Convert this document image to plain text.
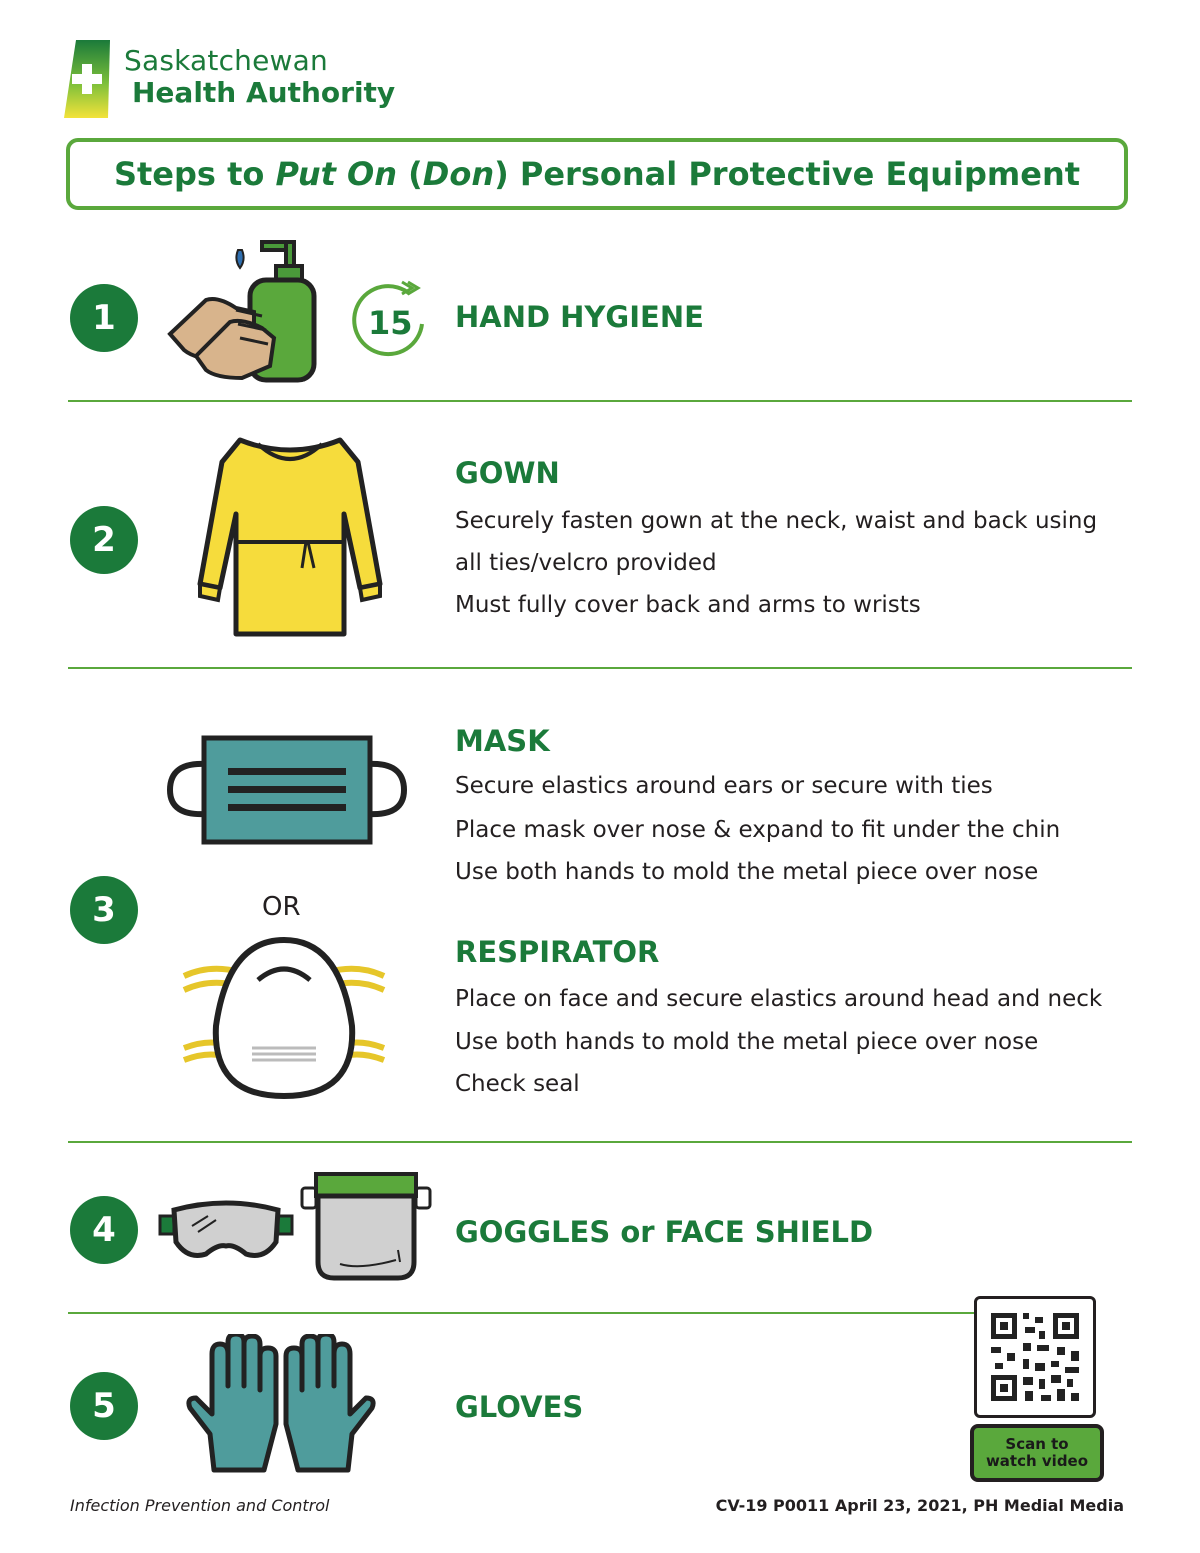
Saskatchewan
Health Authority
Steps to Put On (Don) Personal Protective Equipment
1	15 HAND HYGIENE
2
GOWN
Securely fasten gown at the neck, waist and back using
all ties/velcro provided
Must fully cover back and arms to wrists
3	OR
MASK
Secure elastics around ears or secure with ties
Place mask over nose & expand to fit under the chin
Use both hands to mold the metal piece over nose
RESPIRATOR
Place on face and secure elastics around head and neck
Use both hands to mold the metal piece over nose
Check seal
4	GOGGLES or FACE SHIELD
5	GLOVES
Scan to
watch video
Infection Prevention and Control	CV-19 P0011 April 23, 2021, PH Medial Media
